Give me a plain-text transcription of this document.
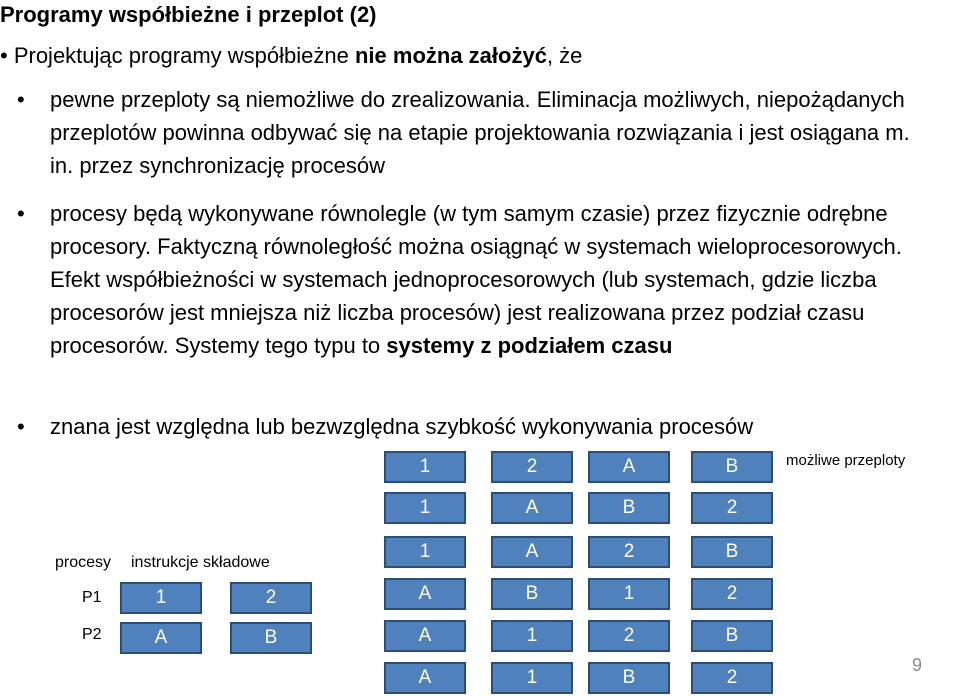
Programy współbieżne i przeplot (2)
• Projektując programy współbieżne nie można założyć, że
• pewne przeploty są niemożliwe do zrealizowania. Eliminacja możliwych, niepożądanych przeplotów powinna odbywać się na etapie projektowania rozwiązania i jest osiągana m. in. przez synchronizację procesów
• procesy będą wykonywane równolegle (w tym samym czasie) przez fizycznie odrębne procesory. Faktyczną równoległość można osiągnąć w systemach wieloprocesorowych. Efekt współbieżności w systemach jednoprocesorowych (lub systemach, gdzie liczba procesorów jest mniejsza niż liczba procesów) jest realizowana przez podział czasu procesorów. Systemy tego typu to systemy z podziałem czasu
• znana jest względna lub bezwzględna szybkość wykonywania procesów
procesy instrukcje składowe
P1
P2
1	2
A	B
możliwe przeploty
1	2	A	B
1	A	B	2
1	A	2	B
A	B	1	2
A	1	2	B
A	1	B	2
9
